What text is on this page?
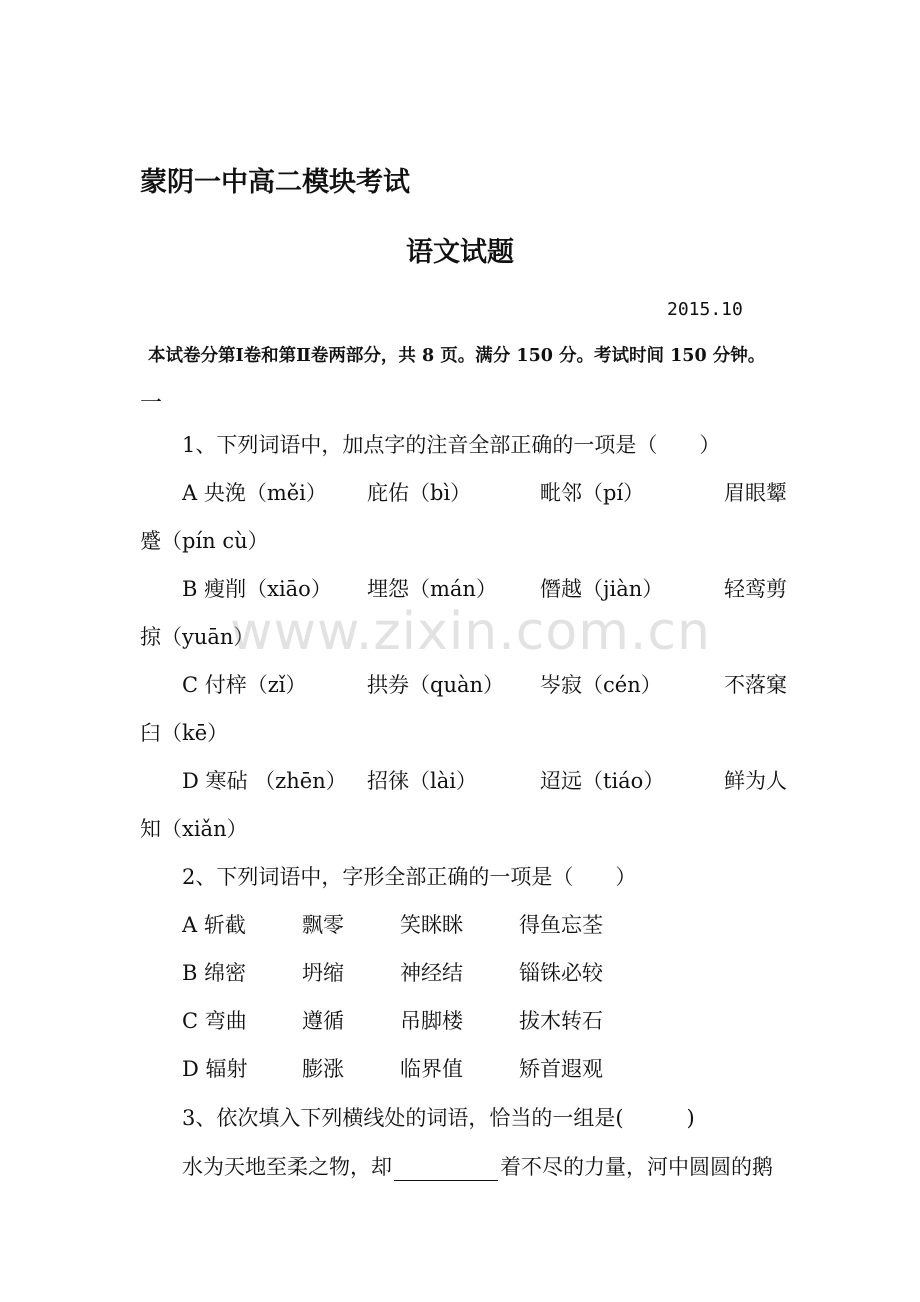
蒙阴一中高二模块考试
语文试题
2015.10
本试卷分第Ⅰ卷和第Ⅱ卷两部分，共 8 页。满分 150 分。考试时间 150 分钟。
一
1、下列词语中，加点字的注音全部正确的一项是（　　）
A 央浼（měi） 庇佑（bì）	毗邻（pí）	眉眼颦
蹙（pín cù）
B 瘦削（xiāo） 埋怨（mán） 僭越（jiàn）	轻鸾剪
掠（yuān）
C 付梓（zǐ）	拱券（quàn） 岑寂（cén）	不落窠
臼（kē）
D 寒砧 （zhēn） 招徕（lài）	迢远（tiáo）	鲜为人
知（xiǎn）
2、下列词语中，字形全部正确的一项是（　　）
A 斩截	飘零	笑眯眯	得鱼忘荃
B 绵密	坍缩	神经结	锱铢必较
C 弯曲	遵循	吊脚楼	拔木转石
D 辐射	膨涨	临界值	矫首遐观
3、依次填入下列横线处的词语，恰当的一组是(　　　)
水为天地至柔之物，却	着不尽的力量，河中圆圆的鹅
www.zixin.com.cn
